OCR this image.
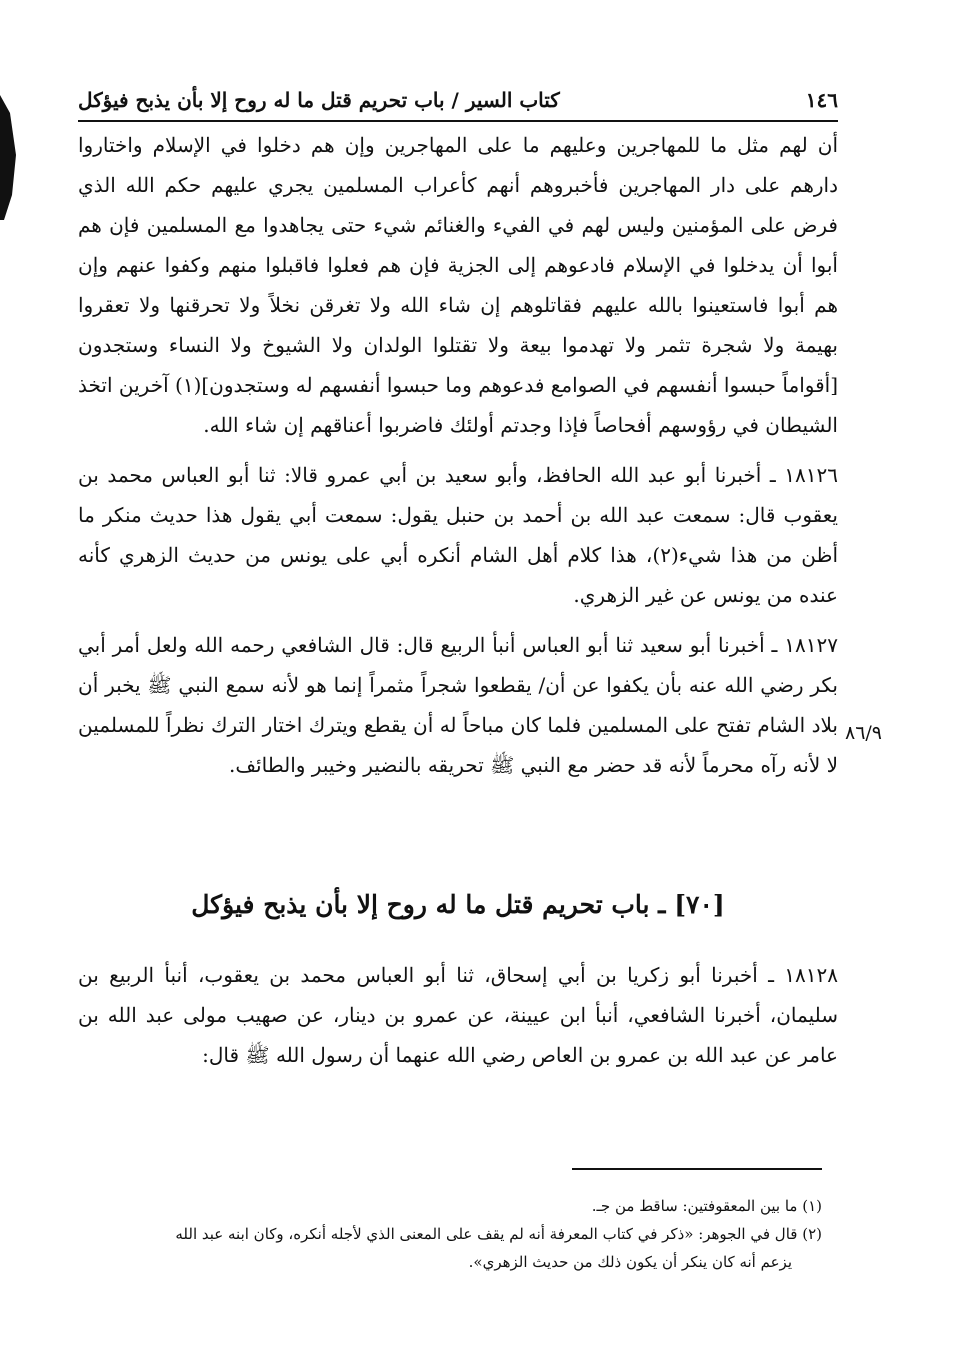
١٤٦
كتاب السير / باب تحريم قتل ما له روح إلا بأن يذبح فيؤكل

أن لهم مثل ما للمهاجرين وعليهم ما على المهاجرين وإن هم دخلوا في الإسلام واختاروا دارهم على دار المهاجرين فأخبروهم أنهم كأعراب المسلمين يجري عليهم حكم الله الذي فرض على المؤمنين وليس لهم في الفيء والغنائم شيء حتى يجاهدوا مع المسلمين فإن هم أبوا أن يدخلوا في الإسلام فادعوهم إلى الجزية فإن هم فعلوا فاقبلوا منهم وكفوا عنهم وإن هم أبوا فاستعينوا بالله عليهم فقاتلوهم إن شاء الله ولا تغرقن نخلاً ولا تحرقنها ولا تعقروا بهيمة ولا شجرة تثمر ولا تهدموا بيعة ولا تقتلوا الولدان ولا الشيوخ ولا النساء وستجدون [أقواماً حبسوا أنفسهم في الصوامع فدعوهم وما حبسوا أنفسهم له وستجدون](١) آخرين اتخذ الشيطان في رؤوسهم أفحاصاً فإذا وجدتم أولئك فاضربوا أعناقهم إن شاء الله.

١٨١٢٦ ـ أخبرنا أبو عبد الله الحافظ، وأبو سعيد بن أبي عمرو قالا: ثنا أبو العباس محمد بن يعقوب قال: سمعت عبد الله بن أحمد بن حنبل يقول: سمعت أبي يقول هذا حديث منكر ما أظن من هذا شيء(٢)، هذا كلام أهل الشام أنكره أبي على يونس من حديث الزهري كأنه عنده من يونس عن غير الزهري.

١٨١٢٧ ـ أخبرنا أبو سعيد ثنا أبو العباس أنبأ الربيع قال: قال الشافعي رحمه الله ولعل أمر أبي بكر رضي الله عنه بأن يكفوا عن أن/ يقطعوا شجراً مثمراً إنما هو لأنه سمع النبي ﷺ يخبر أن بلاد الشام تفتح على المسلمين فلما كان مباحاً له أن يقطع ويترك اختار الترك نظراً للمسلمين لا لأنه رآه محرماً لأنه قد حضر مع النبي ﷺ تحريقه بالنضير وخيبر والطائف.

٨٦/٩
[٧٠] ـ باب تحريم قتل ما له روح إلا بأن يذبح فيؤكل

١٨١٢٨ ـ أخبرنا أبو زكريا بن أبي إسحاق، ثنا أبو العباس محمد بن يعقوب، أنبأ الربيع بن سليمان، أخبرنا الشافعي، أنبأ ابن عيينة، عن عمرو بن دينار، عن صهيب مولى عبد الله بن عامر عن عبد الله بن عمرو بن العاص رضي الله عنهما أن رسول الله ﷺ قال:

(١) ما بين المعقوفتين: ساقط من جـ.

(٢) قال في الجوهر: «ذكر في كتاب المعرفة أنه لم يقف على المعنى الذي لأجله أنكره، وكان ابنه عبد الله

يزعم أنه كان ينكر أن يكون ذلك من حديث الزهري».
